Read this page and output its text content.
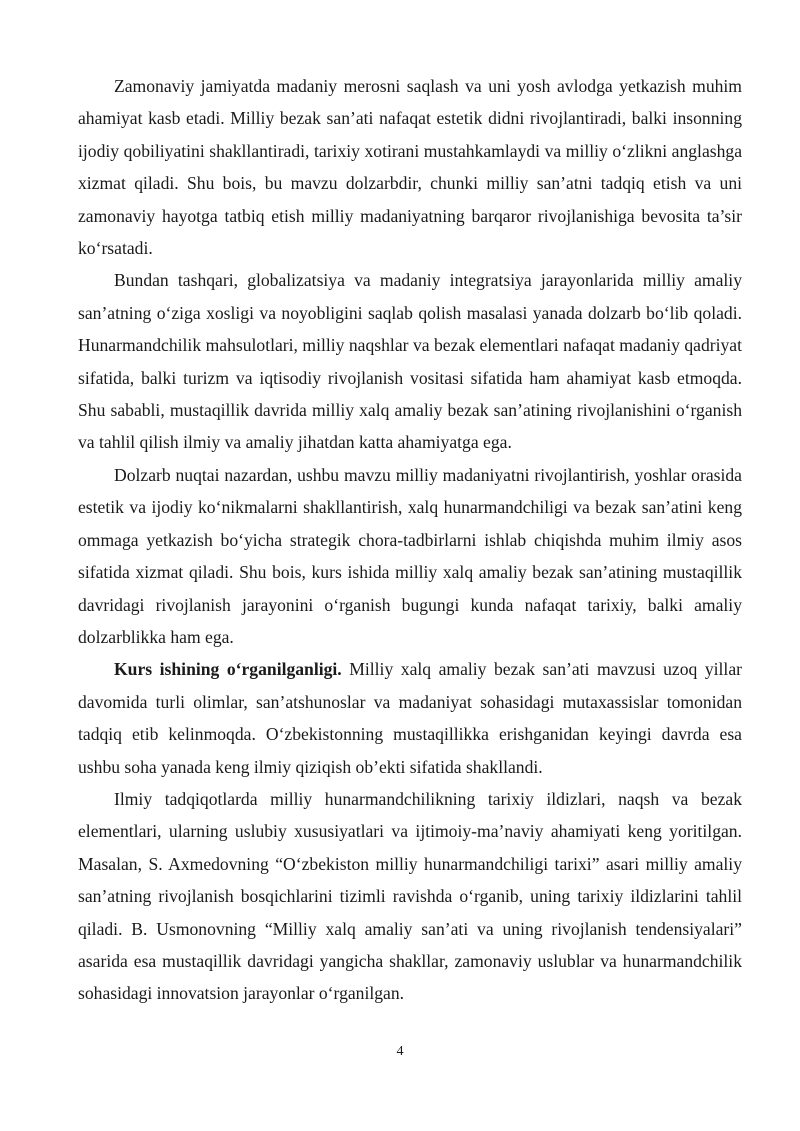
Zamonaviy jamiyatda madaniy merosni saqlash va uni yosh avlodga yetkazish muhim ahamiyat kasb etadi. Milliy bezak san’ati nafaqat estetik didni rivojlantiradi, balki insonning ijodiy qobiliyatini shakllantiradi, tarixiy xotirani mustahkamlaydi va milliy o‘zlikni anglashga xizmat qiladi. Shu bois, bu mavzu dolzarbdir, chunki milliy san’atni tadqiq etish va uni zamonaviy hayotga tatbiq etish milliy madaniyatning barqaror rivojlanishiga bevosita ta’sir ko‘rsatadi.

Bundan tashqari, globalizatsiya va madaniy integratsiya jarayonlarida milliy amaliy san’atning o‘ziga xosligi va noyobligini saqlab qolish masalasi yanada dolzarb bo‘lib qoladi. Hunarmandchilik mahsulotlari, milliy naqshlar va bezak elementlari nafaqat madaniy qadriyat sifatida, balki turizm va iqtisodiy rivojlanish vositasi sifatida ham ahamiyat kasb etmoqda. Shu sababli, mustaqillik davrida milliy xalq amaliy bezak san’atining rivojlanishini o‘rganish va tahlil qilish ilmiy va amaliy jihatdan katta ahamiyatga ega.

Dolzarb nuqtai nazardan, ushbu mavzu milliy madaniyatni rivojlantirish, yoshlar orasida estetik va ijodiy ko‘nikmalarni shakllantirish, xalq hunarmandchiligi va bezak san’atini keng ommaga yetkazish bo‘yicha strategik chora-tadbirlarni ishlab chiqishda muhim ilmiy asos sifatida xizmat qiladi. Shu bois, kurs ishida milliy xalq amaliy bezak san’atining mustaqillik davridagi rivojlanish jarayonini o‘rganish bugungi kunda nafaqat tarixiy, balki amaliy dolzarblikka ham ega.

Kurs ishining o‘rganilganligi. Milliy xalq amaliy bezak san’ati mavzusi uzoq yillar davomida turli olimlar, san’atshunoslar va madaniyat sohasidagi mutaxassislar tomonidan tadqiq etib kelinmoqda. O‘zbekistonning mustaqillikka erishganidan keyingi davrda esa ushbu soha yanada keng ilmiy qiziqish ob’ekti sifatida shakllandi.

Ilmiy tadqiqotlarda milliy hunarmandchilikning tarixiy ildizlari, naqsh va bezak elementlari, ularning uslubiy xususiyatlari va ijtimoiy-ma’naviy ahamiyati keng yoritilgan. Masalan, S. Axmedovning “O‘zbekiston milliy hunarmandchiligi tarixi” asari milliy amaliy san’atning rivojlanish bosqichlarini tizimli ravishda o‘rganib, uning tarixiy ildizlarini tahlil qiladi. B. Usmonovning “Milliy xalq amaliy san’ati va uning rivojlanish tendensiyalari” asarida esa mustaqillik davridagi yangicha shakllar, zamonaviy uslublar va hunarmandchilik sohasidagi innovatsion jarayonlar o‘rganilgan.

4
